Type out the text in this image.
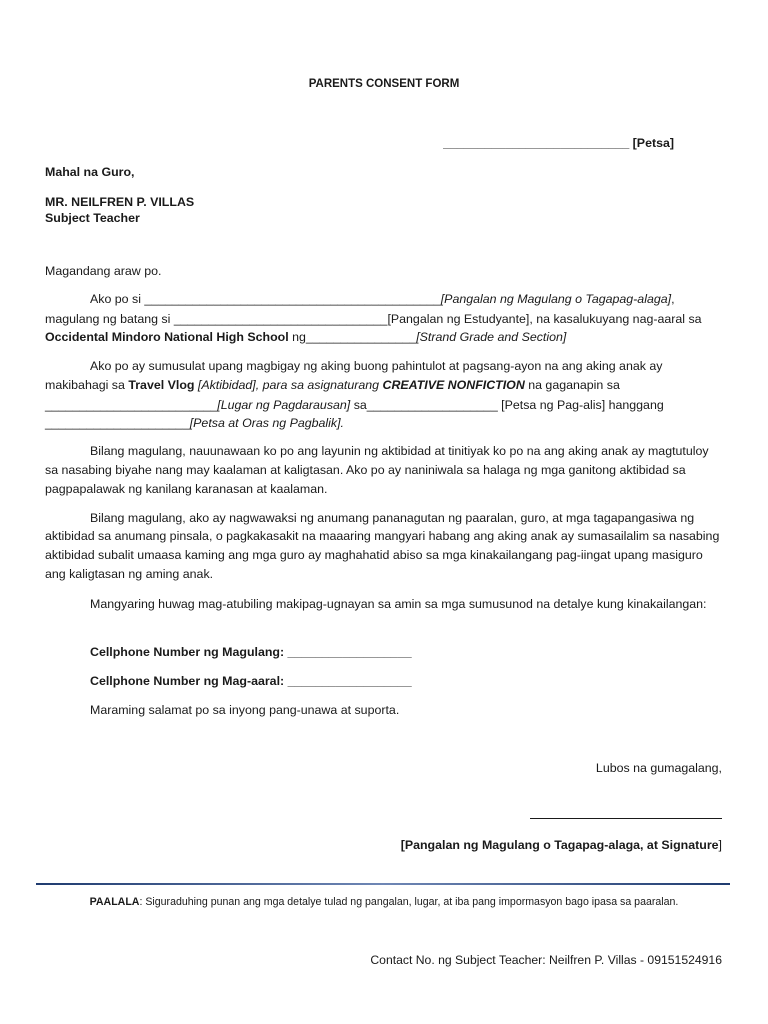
PARENTS CONSENT FORM
___________________________ [Petsa]
Mahal na Guro,
MR. NEILFREN P. VILLAS
Subject Teacher
Magandang araw po.
Ako po si ___________________________________________[Pangalan ng Magulang o Tagapag-alaga],
magulang ng batang si _______________________________[Pangalan ng Estudyante], na kasalukuyang nag-aaral sa
Occidental Mindoro National High School ng________________[Strand Grade and Section]
Ako po ay sumusulat upang magbigay ng aking buong pahintulot at pagsang-ayon na ang aking anak ay
makibahagi sa Travel Vlog [Aktibidad], para sa asignaturang CREATIVE NONFICTION na gaganapin sa
_________________________[Lugar ng Pagdarausan] sa___________________ [Petsa ng Pag-alis] hanggang
_____________________[Petsa at Oras ng Pagbalik].
Bilang magulang, nauunawaan ko po ang layunin ng aktibidad at tinitiyak ko po na ang aking anak ay magtutuloy
sa nasabing biyahe nang may kaalaman at kaligtasan. Ako po ay naniniwala sa halaga ng mga ganitong aktibidad sa
pagpapalawak ng kanilang karanasan at kaalaman.
Bilang magulang, ako ay nagwawaksi ng anumang pananagutan ng paaralan, guro, at mga tagapangasiwa ng
aktibidad sa anumang pinsala, o pagkakasakit na maaaring mangyari habang ang aking anak ay sumasailalim sa nasabing
aktibidad subalit umaasa kaming ang mga guro ay maghahatid abiso sa mga kinakailangang pag-iingat upang masiguro
ang kaligtasan ng aming anak.
Mangyaring huwag mag-atubiling makipag-ugnayan sa amin sa mga sumusunod na detalye kung kinakailangan:
Cellphone Number ng Magulang: __________________
Cellphone Number ng Mag-aaral: __________________
Maraming salamat po sa inyong pang-unawa at suporta.
Lubos na gumagalang,
[Pangalan ng Magulang o Tagapag-alaga, at Signature]
PAALALA: Siguraduhing punan ang mga detalye tulad ng pangalan, lugar, at iba pang impormasyon bago ipasa sa paaralan.
Contact No. ng Subject Teacher: Neilfren P. Villas - 09151524916
